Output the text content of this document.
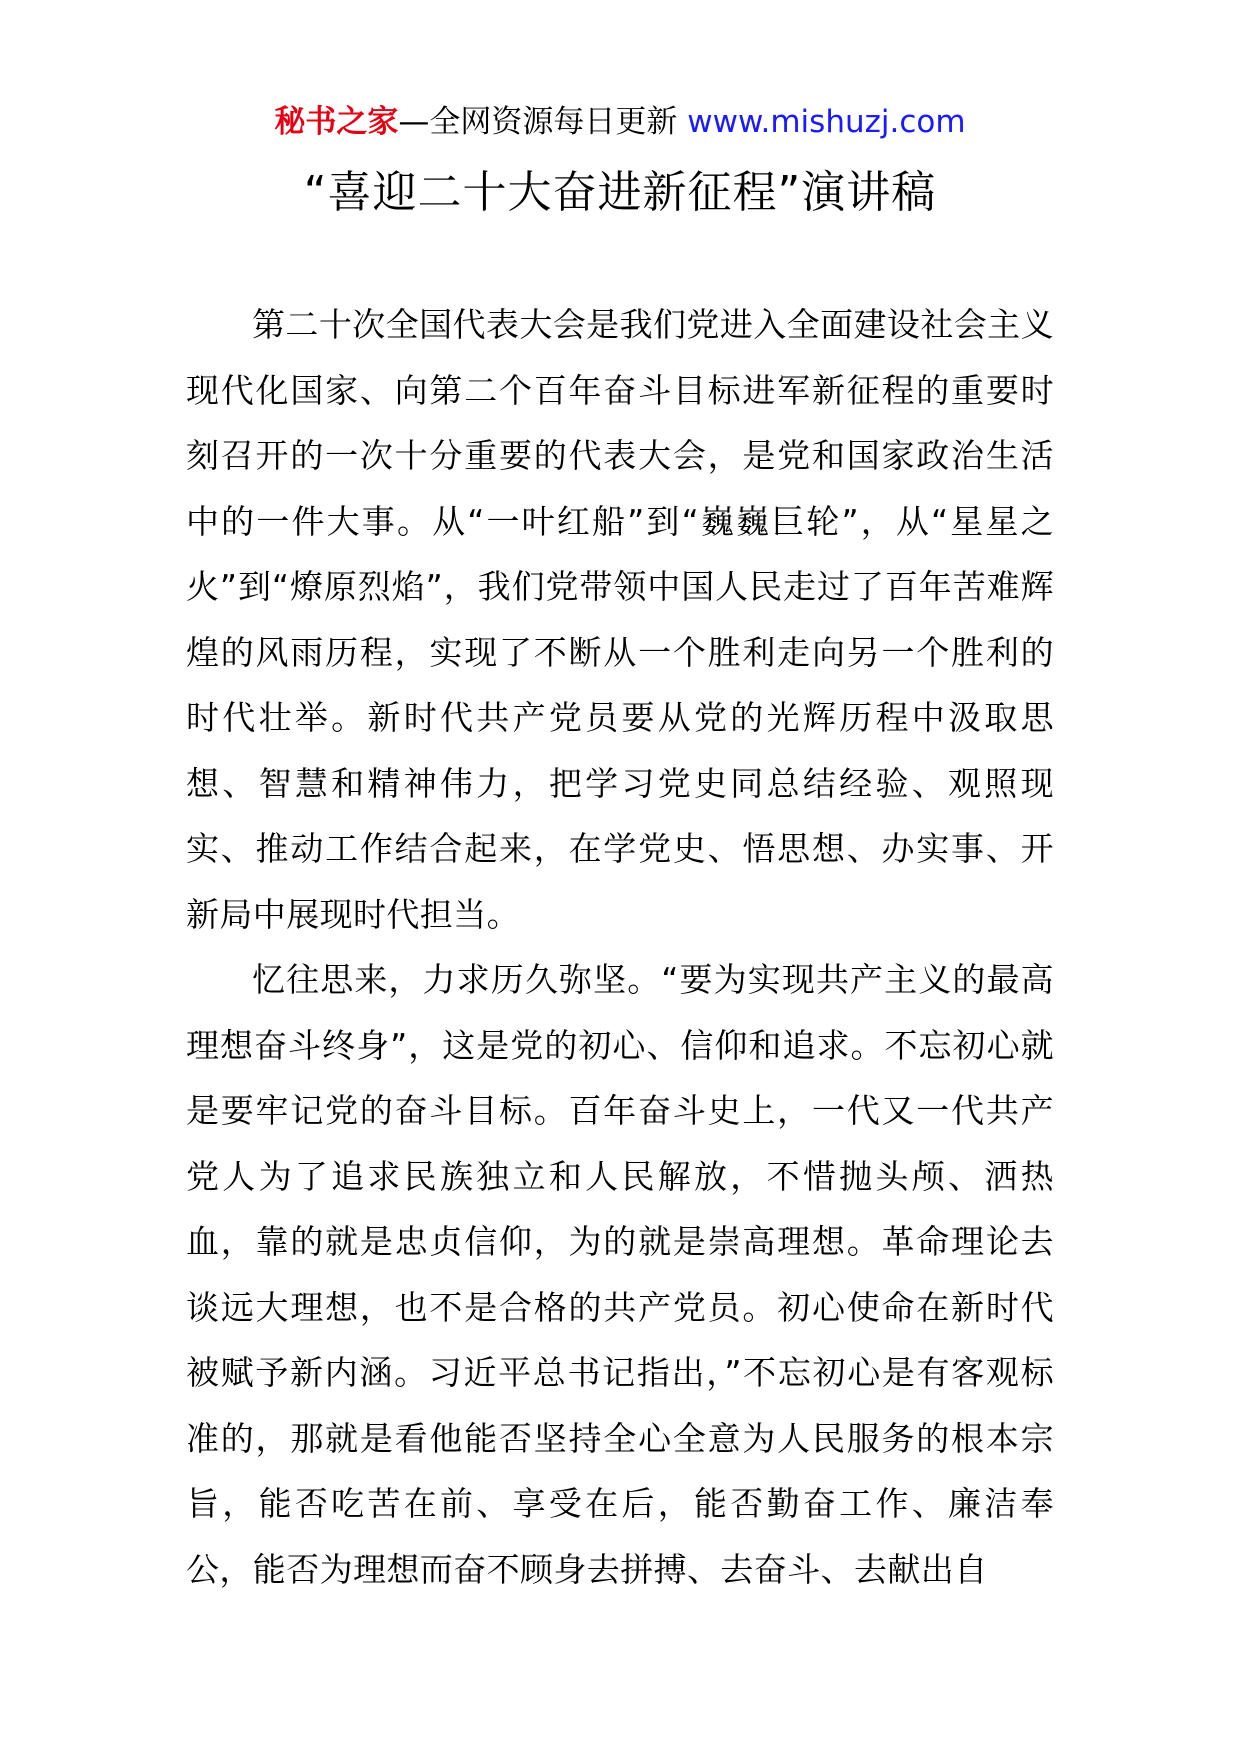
秘书之家—全网资源每日更新 www.mishuzj.com
“喜迎二十大奋进新征程”演讲稿

第二十次全国代表大会是我们党进入全面建设社会主义现代化国家、向第二个百年奋斗目标进军新征程的重要时刻召开的一次十分重要的代表大会，是党和国家政治生活中的一件大事。从“一叶红船”到“巍巍巨轮”，从“星星之火”到“燎原烈焰”，我们党带领中国人民走过了百年苦难辉煌的风雨历程，实现了不断从一个胜利走向另一个胜利的时代壮举。新时代共产党员要从党的光辉历程中汲取思想、智慧和精神伟力，把学习党史同总结经验、观照现实、推动工作结合起来，在学党史、悟思想、办实事、开新局中展现时代担当。

忆往思来，力求历久弥坚。“要为实现共产主义的最高理想奋斗终身”，这是党的初心、信仰和追求。不忘初心就是要牢记党的奋斗目标。百年奋斗史上，一代又一代共产党人为了追求民族独立和人民解放，不惜抛头颅、洒热血，靠的就是忠贞信仰，为的就是崇高理想。革命理论去谈远大理想，也不是合格的共产党员。初心使命在新时代被赋予新内涵。习近平总书记指出，”不忘初心是有客观标准的，那就是看他能否坚持全心全意为人民服务的根本宗旨，能否吃苦在前、享受在后，能否勤奋工作、廉洁奉公，能否为理想而奋不顾身去拼搏、去奋斗、去献出自
